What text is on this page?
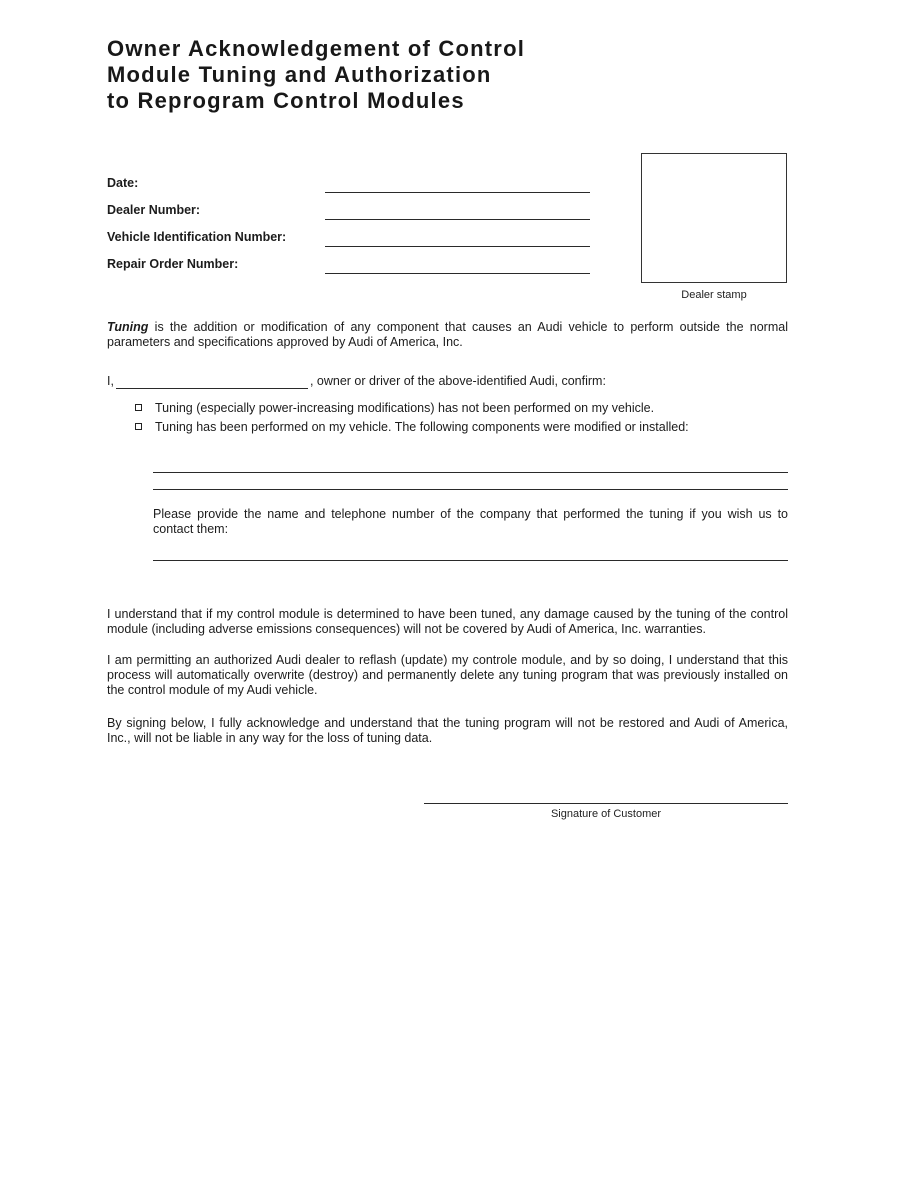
Dealer stamp
Owner Acknowledgement of Control
Module Tuning and Authorization
to Reprogram Control Modules
Date:
Dealer Number:
Vehicle Identification Number:
Repair Order Number:
Tuning is the addition or modification of any component that causes an Audi vehicle to perform outside the normal parameters and specifications approved by Audi of America, Inc.
I,	, owner or driver of the above-identified Audi, confirm:
Tuning (especially power-increasing modifications) has not been performed on my vehicle.
Tuning has been performed on my vehicle. The following components were modified or installed:
Please provide the name and telephone number of the company that performed the tuning if you wish us to contact them:
I understand that if my control module is determined to have been tuned, any damage caused by the tuning of the control module (including adverse emissions consequences) will not be covered by Audi of America, Inc. warranties.
I am permitting an authorized Audi dealer to reflash (update) my controle module, and by so doing, I understand that this process will automatically overwrite (destroy) and permanently delete any tuning program that was previously installed on the control module of my Audi vehicle.
By signing below, I fully acknowledge and understand that the tuning program will not be restored and Audi of America, Inc., will not be liable in any way for the loss of tuning data.
Signature of Customer
